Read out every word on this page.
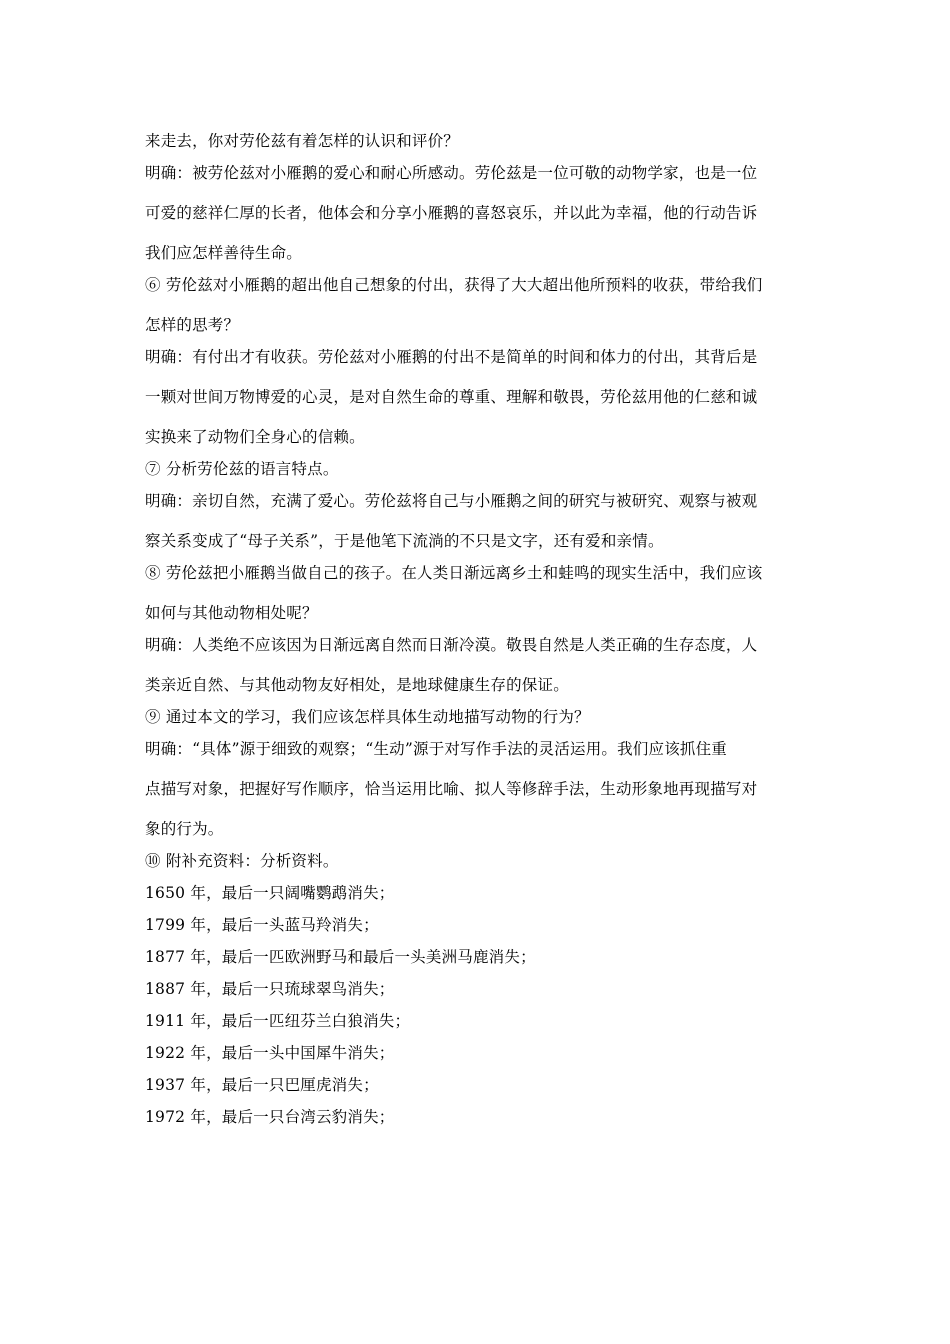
来走去，你对劳伦兹有着怎样的认识和评价？
明确：被劳伦兹对小雁鹅的爱心和耐心所感动。劳伦兹是一位可敬的动物学家，也是一位
可爱的慈祥仁厚的长者，他体会和分享小雁鹅的喜怒哀乐，并以此为幸福，他的行动告诉
我们应怎样善待生命。
⑥ 劳伦兹对小雁鹅的超出他自己想象的付出，获得了大大超出他所预料的收获，带给我们
怎样的思考？
明确：有付出才有收获。劳伦兹对小雁鹅的付出不是简单的时间和体力的付出，其背后是
一颗对世间万物博爱的心灵，是对自然生命的尊重、理解和敬畏，劳伦兹用他的仁慈和诚
实换来了动物们全身心的信赖。
⑦ 分析劳伦兹的语言特点。
明确：亲切自然，充满了爱心。劳伦兹将自己与小雁鹅之间的研究与被研究、观察与被观
察关系变成了“母子关系”，于是他笔下流淌的不只是文字，还有爱和亲情。
⑧ 劳伦兹把小雁鹅当做自己的孩子。在人类日渐远离乡土和蛙鸣的现实生活中，我们应该
如何与其他动物相处呢？
明确：人类绝不应该因为日渐远离自然而日渐冷漠。敬畏自然是人类正确的生存态度，人
类亲近自然、与其他动物友好相处，是地球健康生存的保证。
⑨ 通过本文的学习，我们应该怎样具体生动地描写动物的行为？
明确：“具体”源于细致的观察；“生动”源于对写作手法的灵活运用。我们应该抓住重
点描写对象，把握好写作顺序，恰当运用比喻、拟人等修辞手法，生动形象地再现描写对
象的行为。
⑩ 附补充资料：分析资料。
1650 年，最后一只阔嘴鹦鹉消失；
1799 年，最后一头蓝马羚消失；
1877 年，最后一匹欧洲野马和最后一头美洲马鹿消失；
1887 年，最后一只琉球翠鸟消失；
1911 年，最后一匹纽芬兰白狼消失；
1922 年，最后一头中国犀牛消失；
1937 年，最后一只巴厘虎消失；
1972 年，最后一只台湾云豹消失；
